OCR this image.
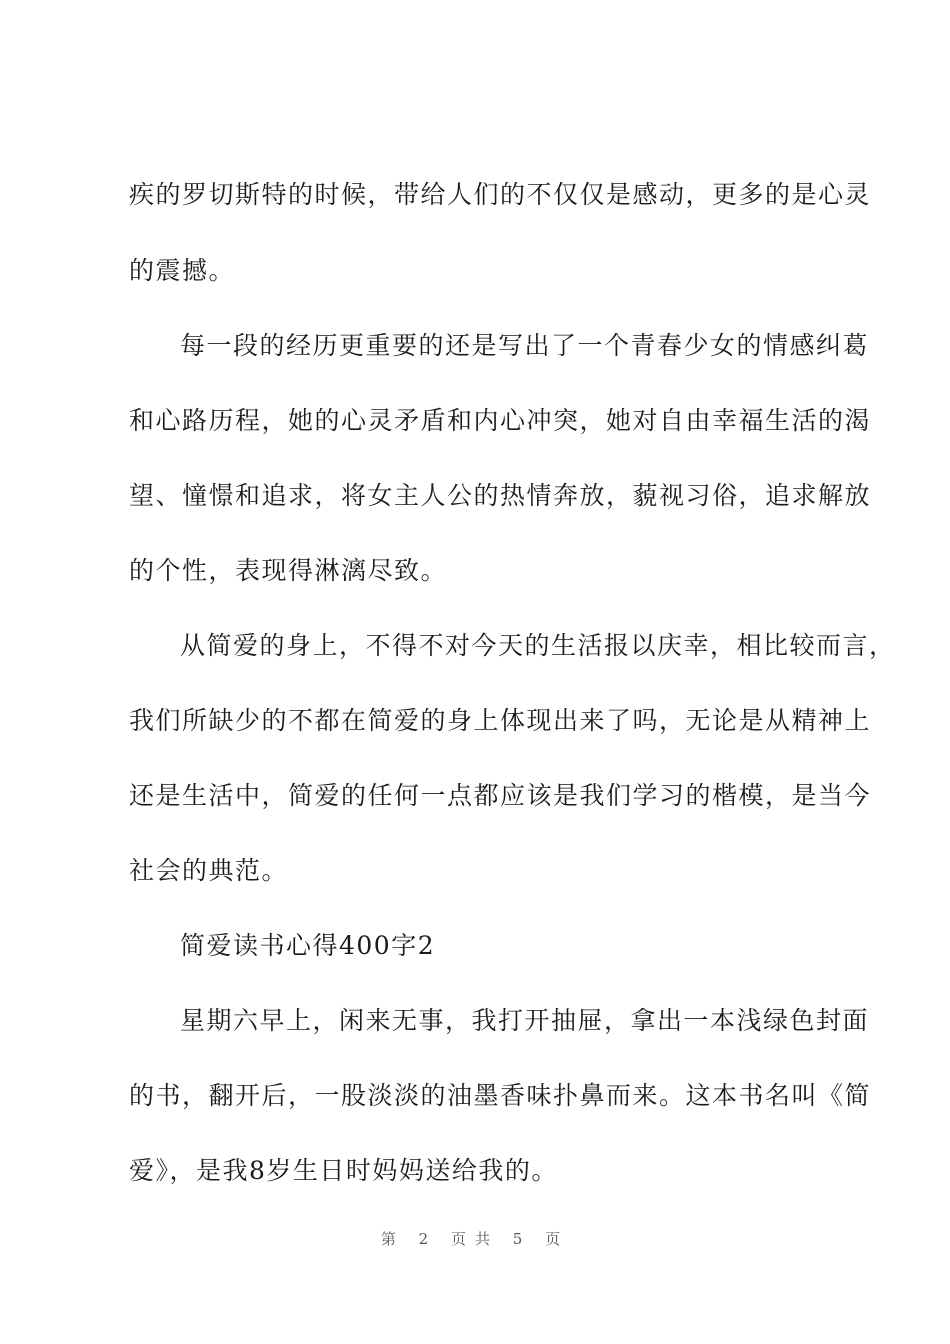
疾的罗切斯特的时候，带给人们的不仅仅是感动，更多的是心灵
的震撼。
每一段的经历更重要的还是写出了一个青春少女的情感纠葛
和心路历程，她的心灵矛盾和内心冲突，她对自由幸福生活的渴
望、憧憬和追求，将女主人公的热情奔放，藐视习俗，追求解放
的个性，表现得淋漓尽致。
从简爱的身上，不得不对今天的生活报以庆幸，相比较而言，
我们所缺少的不都在简爱的身上体现出来了吗，无论是从精神上
还是生活中，简爱的任何一点都应该是我们学习的楷模，是当今
社会的典范。
简爱读书心得400字2
星期六早上，闲来无事，我打开抽屉，拿出一本浅绿色封面
的书，翻开后，一股淡淡的油墨香味扑鼻而来。这本书名叫《简
爱》，是我8岁生日时妈妈送给我的。
第 2 页共 5 页
